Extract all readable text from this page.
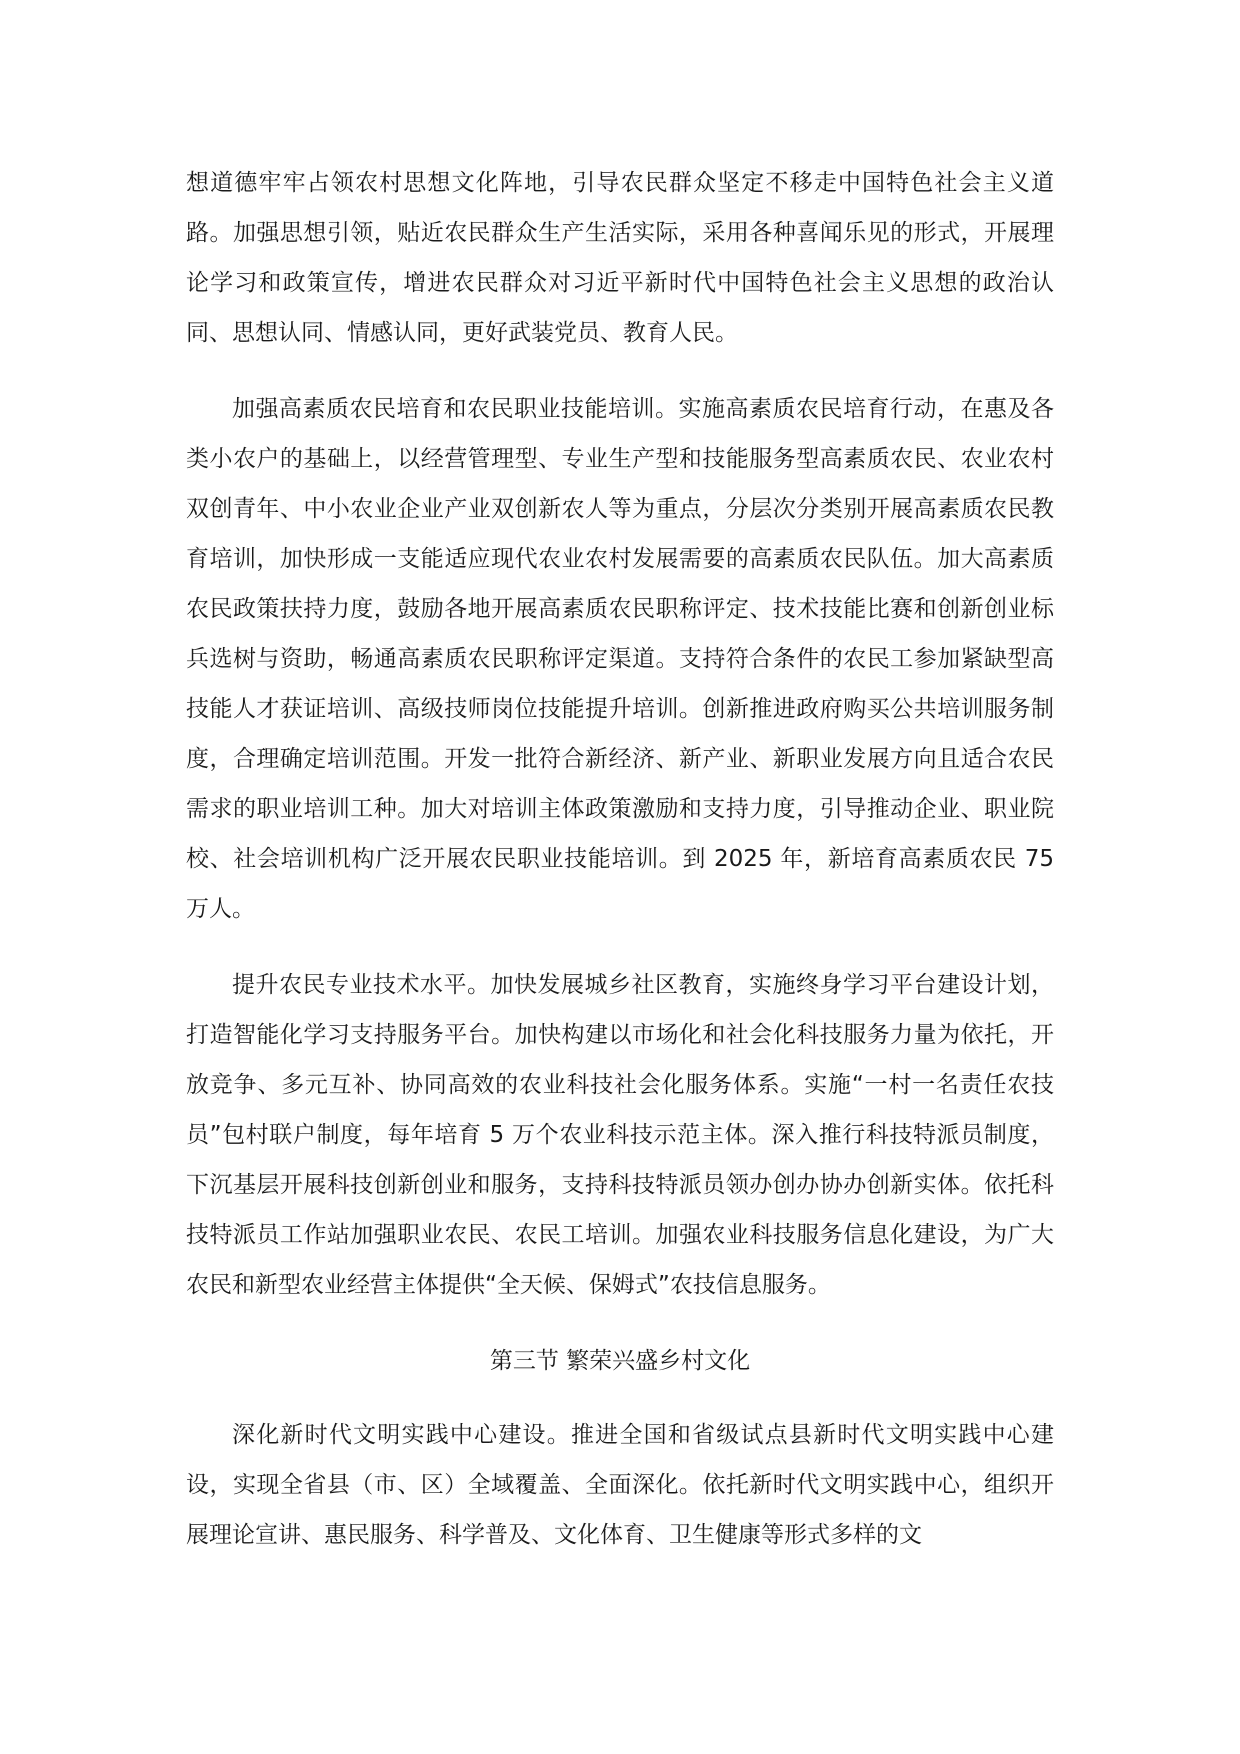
想道德牢牢占领农村思想文化阵地，引导农民群众坚定不移走中国特色社会主义道路。加强思想引领，贴近农民群众生产生活实际，采用各种喜闻乐见的形式，开展理论学习和政策宣传，增进农民群众对习近平新时代中国特色社会主义思想的政治认同、思想认同、情感认同，更好武装党员、教育人民。

加强高素质农民培育和农民职业技能培训。实施高素质农民培育行动，在惠及各类小农户的基础上，以经营管理型、专业生产型和技能服务型高素质农民、农业农村双创青年、中小农业企业产业双创新农人等为重点，分层次分类别开展高素质农民教育培训，加快形成一支能适应现代农业农村发展需要的高素质农民队伍。加大高素质农民政策扶持力度，鼓励各地开展高素质农民职称评定、技术技能比赛和创新创业标兵选树与资助，畅通高素质农民职称评定渠道。支持符合条件的农民工参加紧缺型高技能人才获证培训、高级技师岗位技能提升培训。创新推进政府购买公共培训服务制度，合理确定培训范围。开发一批符合新经济、新产业、新职业发展方向且适合农民需求的职业培训工种。加大对培训主体政策激励和支持力度，引导推动企业、职业院校、社会培训机构广泛开展农民职业技能培训。到 2025 年，新培育高素质农民 75 万人。

提升农民专业技术水平。加快发展城乡社区教育，实施终身学习平台建设计划，打造智能化学习支持服务平台。加快构建以市场化和社会化科技服务力量为依托，开放竞争、多元互补、协同高效的农业科技社会化服务体系。实施“一村一名责任农技员”包村联户制度，每年培育 5 万个农业科技示范主体。深入推行科技特派员制度，下沉基层开展科技创新创业和服务，支持科技特派员领办创办协办创新实体。依托科技特派员工作站加强职业农民、农民工培训。加强农业科技服务信息化建设，为广大农民和新型农业经营主体提供“全天候、保姆式”农技信息服务。

第三节 繁荣兴盛乡村文化

深化新时代文明实践中心建设。推进全国和省级试点县新时代文明实践中心建设，实现全省县（市、区）全域覆盖、全面深化。依托新时代文明实践中心，组织开展理论宣讲、惠民服务、科学普及、文化体育、卫生健康等形式多样的文
